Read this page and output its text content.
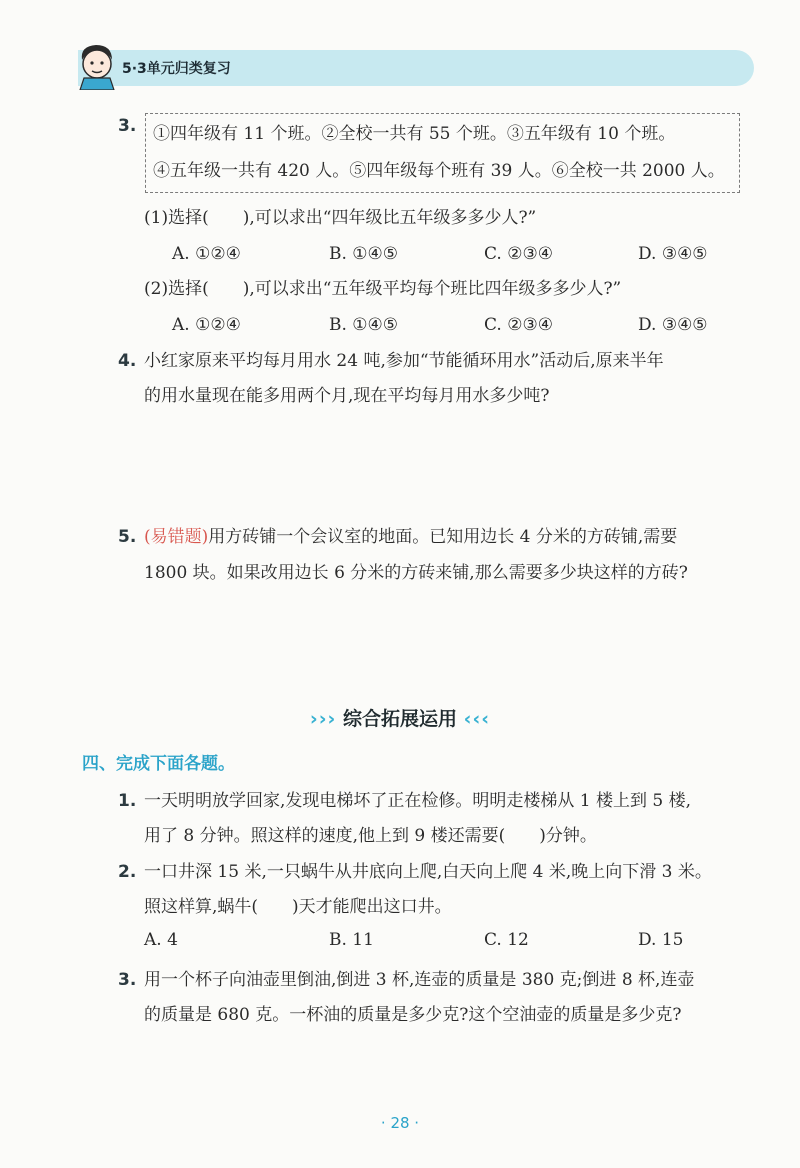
5·3单元归类复习
3. ①四年级有 11 个班。②全校一共有 55 个班。③五年级有 10 个班。
④五年级一共有 420 人。⑤四年级每个班有 39 人。⑥全校一共 2000 人。
(1)选择(　　),可以求出“四年级比五年级多多少人?”
A. ①②④	B. ①④⑤	C. ②③④	D. ③④⑤
(2)选择(　　),可以求出“五年级平均每个班比四年级多多少人?”
A. ①②④	B. ①④⑤	C. ②③④	D. ③④⑤
4. 小红家原来平均每月用水 24 吨,参加“节能循环用水”活动后,原来半年
的用水量现在能多用两个月,现在平均每月用水多少吨?
5. (易错题)用方砖铺一个会议室的地面。已知用边长 4 分米的方砖铺,需要
1800 块。如果改用边长 6 分米的方砖来铺,那么需要多少块这样的方砖?
››› 综合拓展运用 ‹‹‹
四、完成下面各题。
1. 一天明明放学回家,发现电梯坏了正在检修。明明走楼梯从 1 楼上到 5 楼,
用了 8 分钟。照这样的速度,他上到 9 楼还需要(　　)分钟。
2. 一口井深 15 米,一只蜗牛从井底向上爬,白天向上爬 4 米,晚上向下滑 3 米。
照这样算,蜗牛(　　)天才能爬出这口井。
A. 4	B. 11	C. 12	D. 15
3. 用一个杯子向油壶里倒油,倒进 3 杯,连壶的质量是 380 克;倒进 8 杯,连壶
的质量是 680 克。一杯油的质量是多少克?这个空油壶的质量是多少克?
· 28 ·
